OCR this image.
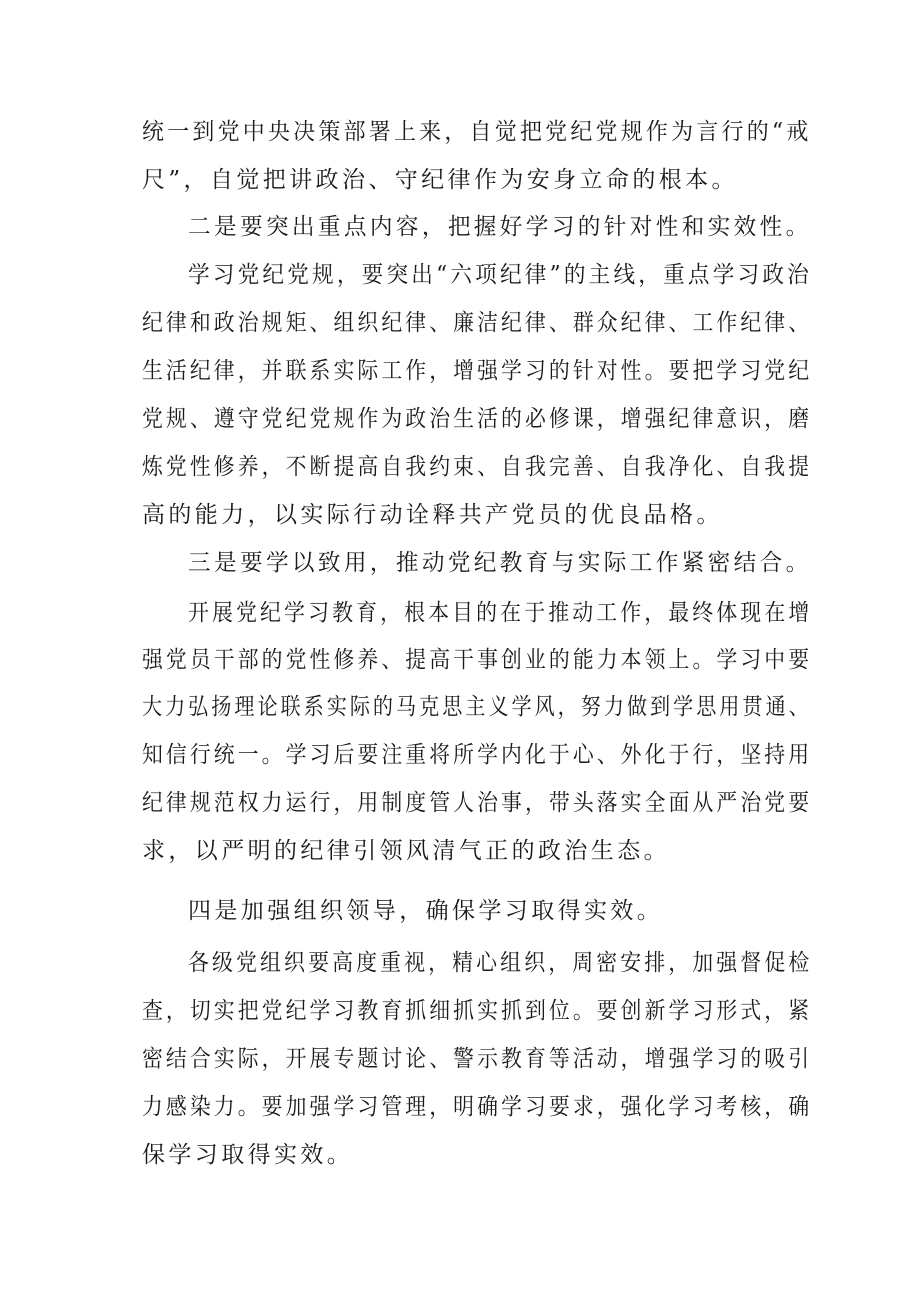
统一到党中央决策部署上来，自觉把党纪党规作为言行的“戒
尺”，自觉把讲政治、守纪律作为安身立命的根本。
二是要突出重点内容，把握好学习的针对性和实效性。
学习党纪党规，要突出“六项纪律”的主线，重点学习政治
纪律和政治规矩、组织纪律、廉洁纪律、群众纪律、工作纪律、
生活纪律，并联系实际工作，增强学习的针对性。要把学习党纪
党规、遵守党纪党规作为政治生活的必修课，增强纪律意识，磨
炼党性修养，不断提高自我约束、自我完善、自我净化、自我提
高的能力，以实际行动诠释共产党员的优良品格。
三是要学以致用，推动党纪教育与实际工作紧密结合。
开展党纪学习教育，根本目的在于推动工作，最终体现在增
强党员干部的党性修养、提高干事创业的能力本领上。学习中要
大力弘扬理论联系实际的马克思主义学风，努力做到学思用贯通、
知信行统一。学习后要注重将所学内化于心、外化于行，坚持用
纪律规范权力运行，用制度管人治事，带头落实全面从严治党要
求，以严明的纪律引领风清气正的政治生态。
四是加强组织领导，确保学习取得实效。
各级党组织要高度重视，精心组织，周密安排，加强督促检
查，切实把党纪学习教育抓细抓实抓到位。要创新学习形式，紧
密结合实际，开展专题讨论、警示教育等活动，增强学习的吸引
力感染力。要加强学习管理，明确学习要求，强化学习考核，确
保学习取得实效。
